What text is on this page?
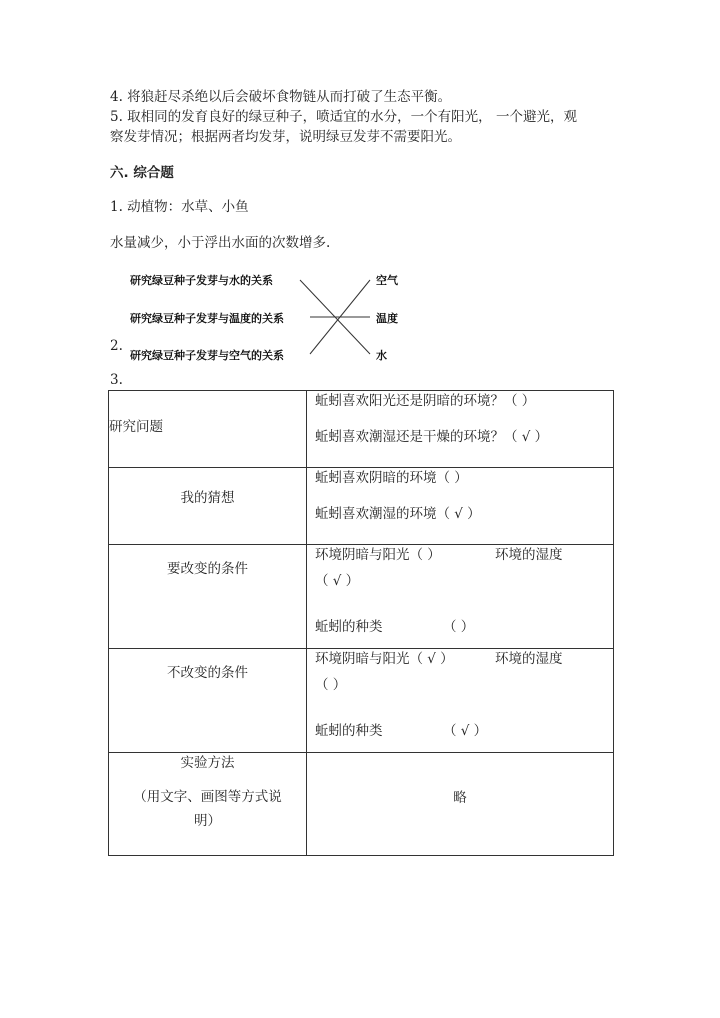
4. 将狼赶尽杀绝以后会破坏食物链从而打破了生态平衡。
5. 取相同的发育良好的绿豆种子，喷适宜的水分，一个有阳光， 一个避光，观
察发芽情况；根据两者均发芽，说明绿豆发芽不需要阳光。
六. 综合题
1. 动植物：水草、小鱼
水量减少，小于浮出水面的次数增多.
研究绿豆种子发芽与水的关系
研究绿豆种子发芽与温度的关系
研究绿豆种子发芽与空气的关系
空气
温度
水
2.
3.
研究问题	蚯蚓喜欢阳光还是阴暗的环境？（ ）
蚯蚓喜欢潮湿还是干燥的环境？（ √ ）

我的猜想	蚯蚓喜欢阴暗的环境（ ）
蚯蚓喜欢潮湿的环境（ √ ）

要改变的条件	环境阴暗与阳光（ ） 环境的湿度
（ √ ）
蚯蚓的种类 （ ）

不改变的条件	环境阴暗与阳光（ √ ） 环境的湿度
（ ）
蚯蚓的种类 （ √ ）

实验方法
（用文字、画图等方式说
明）	略
